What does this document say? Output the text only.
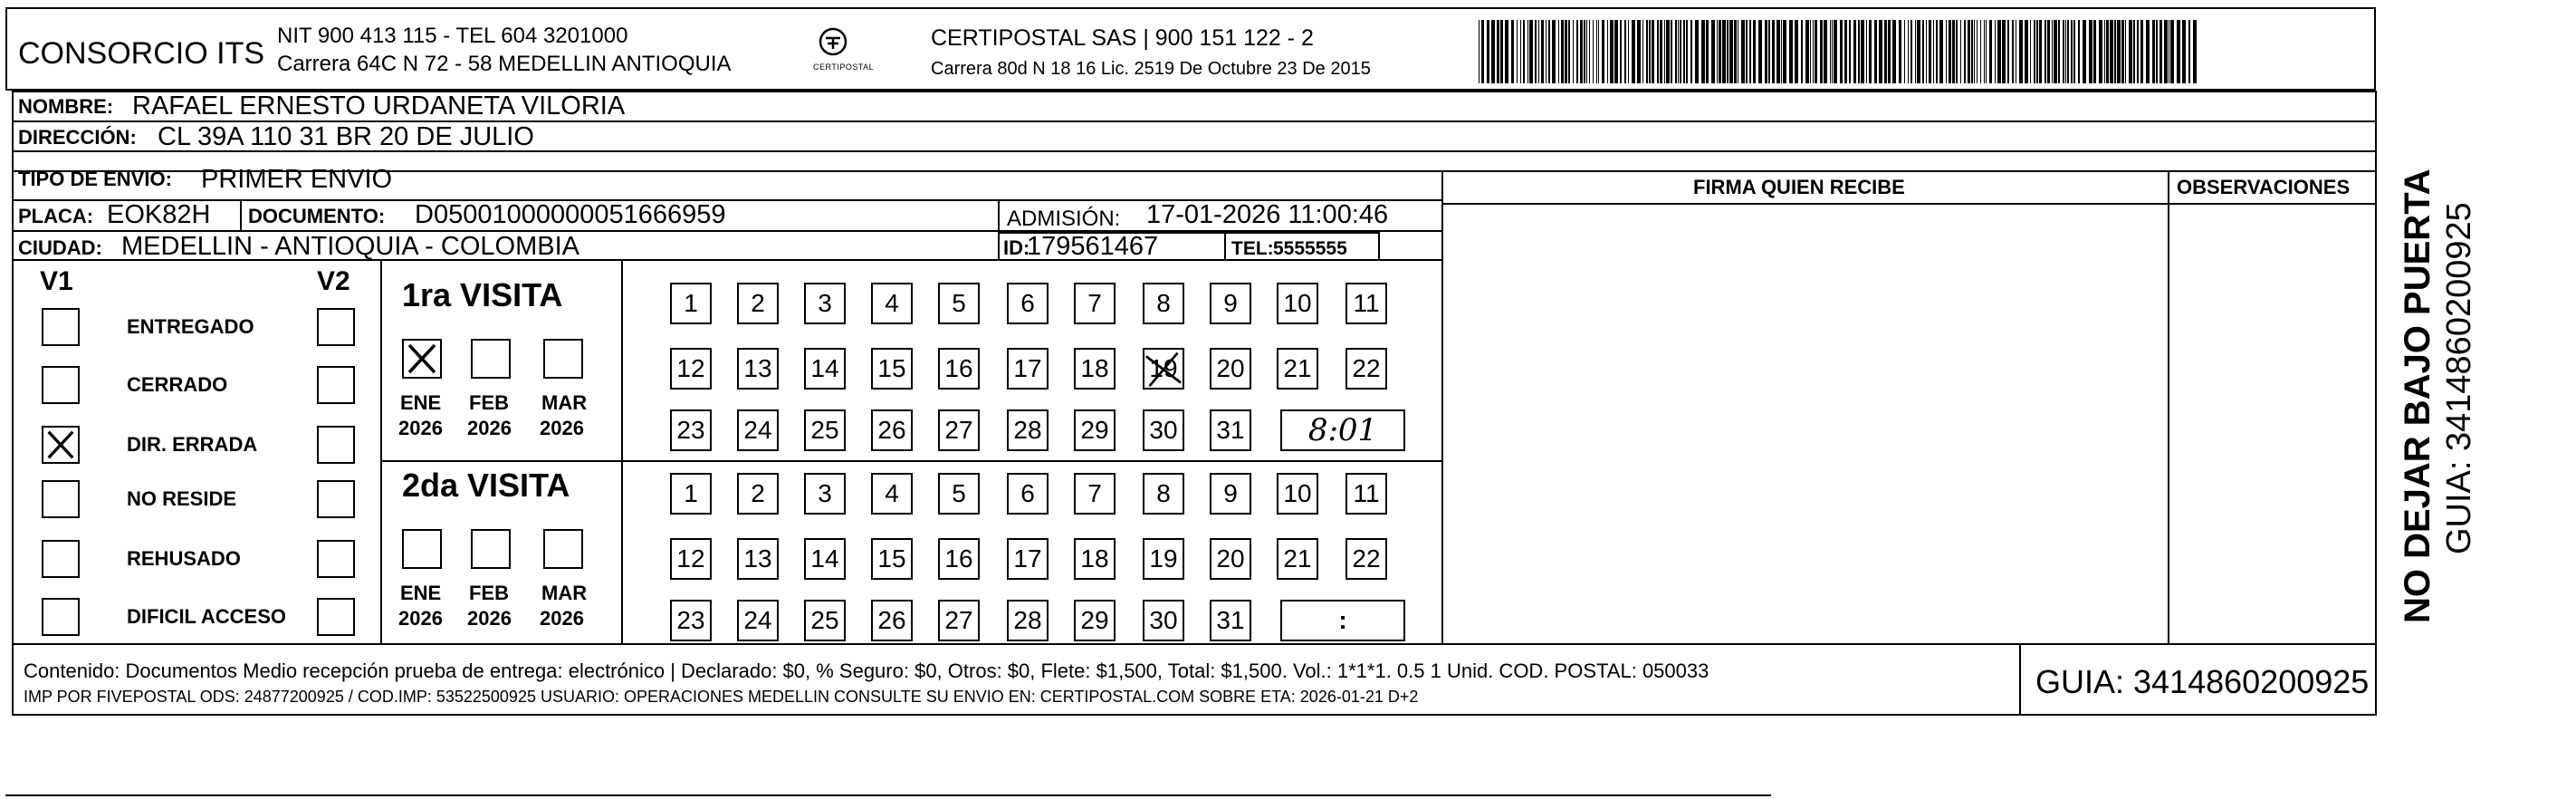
CONSORCIO ITS
NIT 900 413 115 - TEL 604 3201000
Carrera 64C N 72 - 58 MEDELLIN ANTIOQUIA	CERTIPOSTAL
CERTIPOSTAL SAS | 900 151 122 - 2
Carrera 80d N 18 16 Lic. 2519 De Octubre 23 De 2015
NOMBRE: RAFAEL ERNESTO URDANETA VILORIA
DIRECCIÓN: CL 39A 110 31 BR 20 DE JULIO
TIPO DE ENVIO: PRIMER ENVIO
PLACA: EOK82H DOCUMENTO: D05001000000051666959	ADMISIÓN: 17-01-2026 11:00:46
CIUDAD: MEDELLIN - ANTIOQUIA - COLOMBIA	ID:
179561467	TEL: 5555555
FIRMA QUIEN RECIBE	OBSERVACIONES
V1	V2 1ra VISITA
2da VISITA
Contenido: Documentos Medio recepción prueba de entrega: electrónico | Declarado: $0, % Seguro: $0, Otros: $0, Flete: $1,500, Total: $1,500. Vol.: 1*1*1. 0.5 1 Unid. COD. POSTAL: 050033
IMP POR FIVEPOSTAL ODS: 24877200925 / COD.IMP: 53522500925 USUARIO: OPERACIONES MEDELLIN CONSULTE SU ENVIO EN: CERTIPOSTAL.COM SOBRE ETA: 2026-01-21 D+2	GUIA: 3414860200925
NO DEJAR BAJO PUERTA GUIA: 3414860200925
ENTREGADO
CERRADO
DIR. ERRADA
NO RESIDE
REHUSADO
DIFICIL ACCESO
ENE
2026
FEB
2026
MAR
2026
1 2 3 4 5 6 7 8 9 10 11
12 13 14 15 16 17 18 19 20 21 22
23 24 25 26 27 28 29 30 31 8:01
ENE
2026
FEB
2026
MAR
2026
1 2 3 4 5 6 7 8 9 10 11
12 13 14 15 16 17 18 19 20 21 22
23 24 25 26 27 28 29 30 31	:
